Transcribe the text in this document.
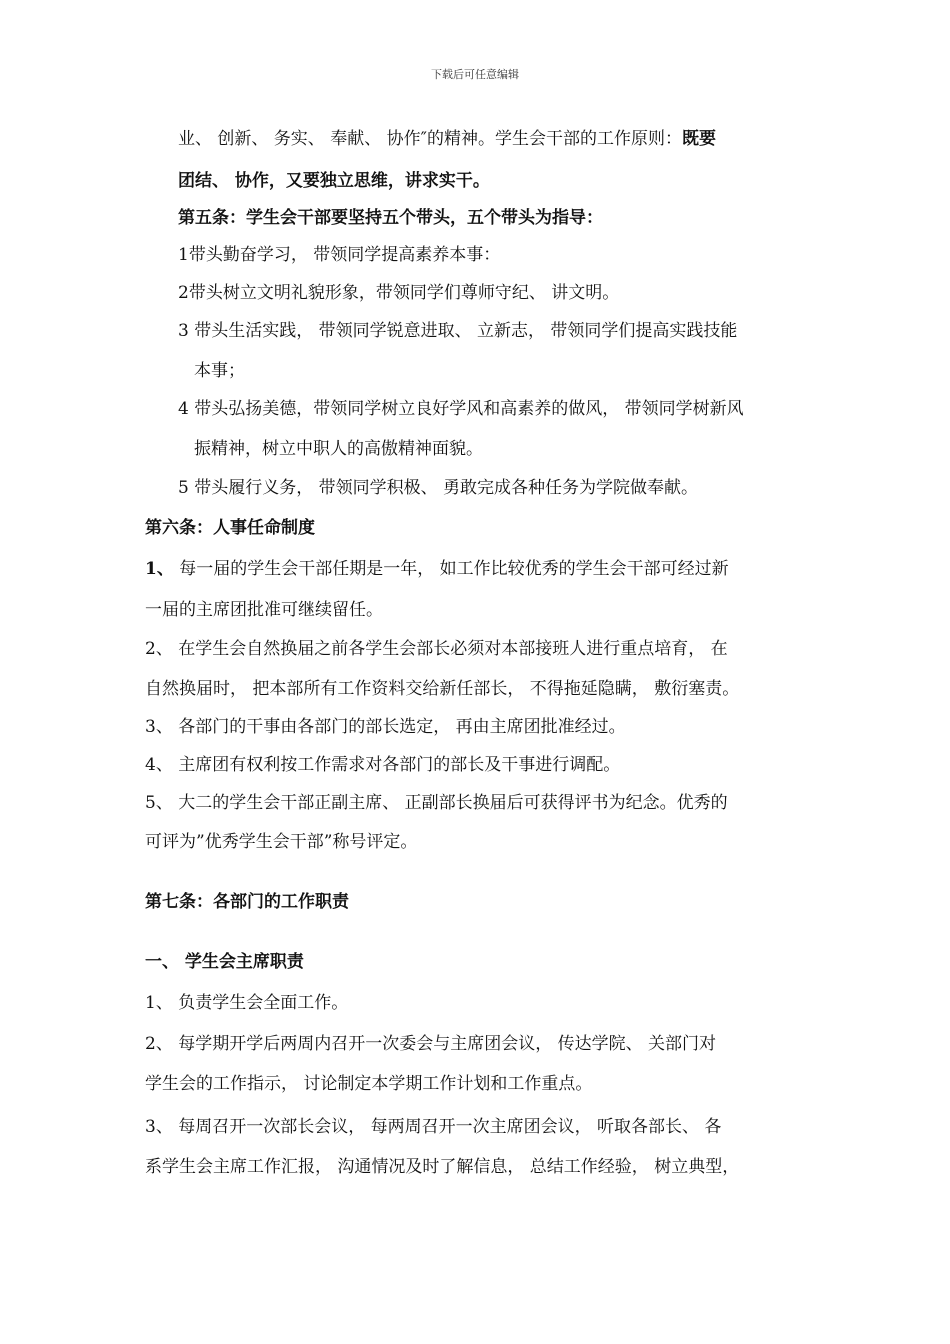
下载后可任意编辑
业、 创新、 务实、 奉献、 协作″的精神。学生会干部的工作原则：既要
团结、 协作，又要独立思维，讲求实干。
第五条：学生会干部要坚持五个带头，五个带头为指导：
1带头勤奋学习， 带领同学提高素养本事：
2带头树立文明礼貌形象，带领同学们尊师守纪、 讲文明。
3 带头生活实践， 带领同学锐意进取、 立新志， 带领同学们提高实践技能
本事；
4 带头弘扬美德，带领同学树立良好学风和高素养的做风， 带领同学树新风
振精神，树立中职人的高傲精神面貌。
5 带头履行义务， 带领同学积极、 勇敢完成各种任务为学院做奉献。
第六条：人事任命制度
1、 每一届的学生会干部任期是一年， 如工作比较优秀的学生会干部可经过新
一届的主席团批准可继续留任。
2、 在学生会自然换届之前各学生会部长必须对本部接班人进行重点培育， 在
自然换届时， 把本部所有工作资料交给新任部长， 不得拖延隐瞒， 敷衍塞责。
3、 各部门的干事由各部门的部长选定， 再由主席团批准经过。
4、 主席团有权利按工作需求对各部门的部长及干事进行调配。
5、 大二的学生会干部正副主席、 正副部长换届后可获得评书为纪念。优秀的
可评为”优秀学生会干部”称号评定。
第七条：各部门的工作职责
一、 学生会主席职责
1、 负责学生会全面工作。
2、 每学期开学后两周内召开一次委会与主席团会议， 传达学院、 关部门对
学生会的工作指示， 讨论制定本学期工作计划和工作重点。
3、 每周召开一次部长会议， 每两周召开一次主席团会议， 听取各部长、 各
系学生会主席工作汇报， 沟通情况及时了解信息， 总结工作经验， 树立典型，
